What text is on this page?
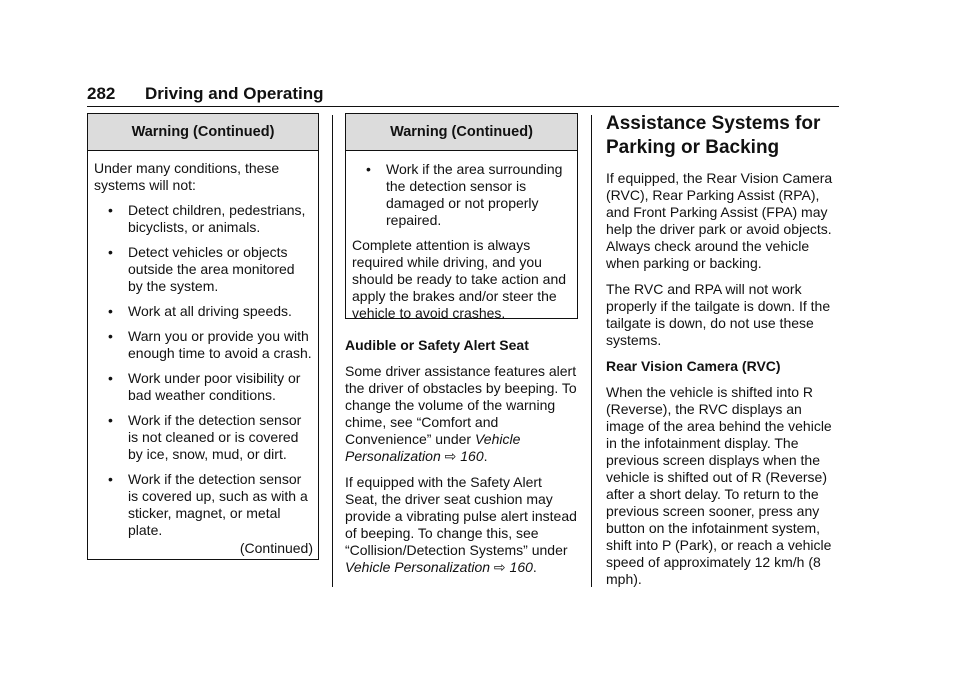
282 Driving and Operating
Warning (Continued)

Under many conditions, these systems will not:

• Detect children, pedestrians, bicyclists, or animals.
• Detect vehicles or objects outside the area monitored by the system.
• Work at all driving speeds.
• Warn you or provide you with enough time to avoid a crash.
• Work under poor visibility or bad weather conditions.
• Work if the detection sensor is not cleaned or is covered by ice, snow, mud, or dirt.
• Work if the detection sensor is covered up, such as with a sticker, magnet, or metal plate.
(Continued)
Warning (Continued)
• Work if the area surrounding the detection sensor is damaged or not properly repaired.

Complete attention is always required while driving, and you should be ready to take action and apply the brakes and/or steer the vehicle to avoid crashes.

Audible or Safety Alert Seat

Some driver assistance features alert the driver of obstacles by beeping. To change the volume of the warning chime, see “Comfort and Convenience” under Vehicle Personalization ⇨ 160.

If equipped with the Safety Alert Seat, the driver seat cushion may provide a vibrating pulse alert instead of beeping. To change this, see “Collision/Detection Systems” under Vehicle Personalization ⇨ 160.

Assistance Systems for Parking or Backing

If equipped, the Rear Vision Camera (RVC), Rear Parking Assist (RPA), and Front Parking Assist (FPA) may help the driver park or avoid objects. Always check around the vehicle when parking or backing.

The RVC and RPA will not work properly if the tailgate is down. If the tailgate is down, do not use these systems.

Rear Vision Camera (RVC)

When the vehicle is shifted into R (Reverse), the RVC displays an image of the area behind the vehicle in the infotainment display. The previous screen displays when the vehicle is shifted out of R (Reverse) after a short delay. To return to the previous screen sooner, press any button on the infotainment system, shift into P (Park), or reach a vehicle speed of approximately 12 km/h (8 mph).
